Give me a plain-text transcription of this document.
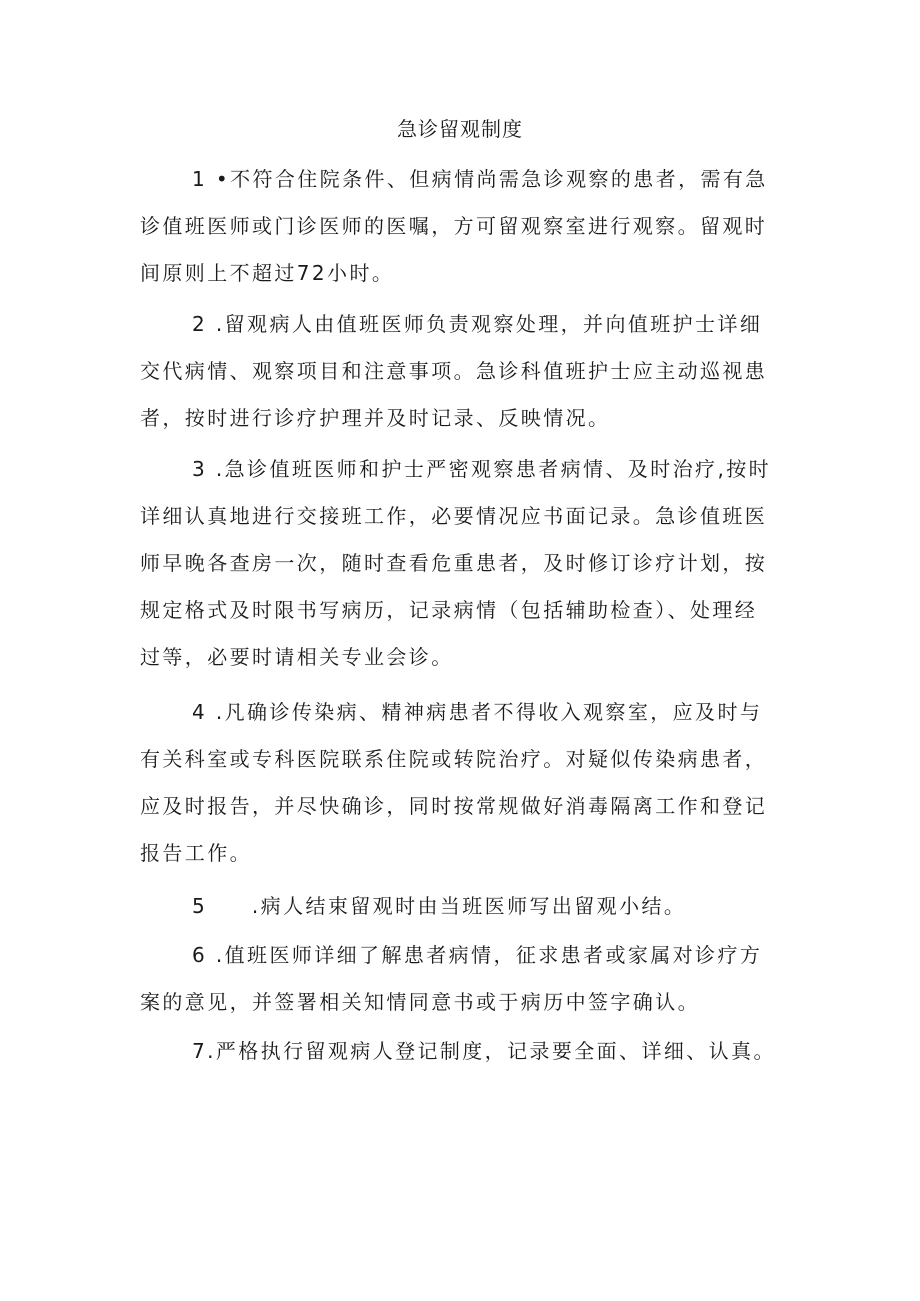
急诊留观制度
1 •不符合住院条件、但病情尚需急诊观察的患者，需有急
诊值班医师或门诊医师的医嘱，方可留观察室进行观察。留观时
间原则上不超过72小时。
2 .留观病人由值班医师负责观察处理，并向值班护士详细
交代病情、观察项目和注意事项。急诊科值班护士应主动巡视患
者，按时进行诊疗护理并及时记录、反映情况。
3 .急诊值班医师和护士严密观察患者病情、及时治疗,按时
详细认真地进行交接班工作，必要情况应书面记录。急诊值班医
师早晚各查房一次，随时查看危重患者，及时修订诊疗计划，按
规定格式及时限书写病历，记录病情（包括辅助检查）、处理经
过等，必要时请相关专业会诊。
4 .凡确诊传染病、精神病患者不得收入观察室，应及时与
有关科室或专科医院联系住院或转院治疗。对疑似传染病患者，
应及时报告，并尽快确诊，同时按常规做好消毒隔离工作和登记
报告工作。
5　　.病人结束留观时由当班医师写出留观小结。
6 .值班医师详细了解患者病情，征求患者或家属对诊疗方
案的意见，并签署相关知情同意书或于病历中签字确认。
7.严格执行留观病人登记制度，记录要全面、详细、认真。
